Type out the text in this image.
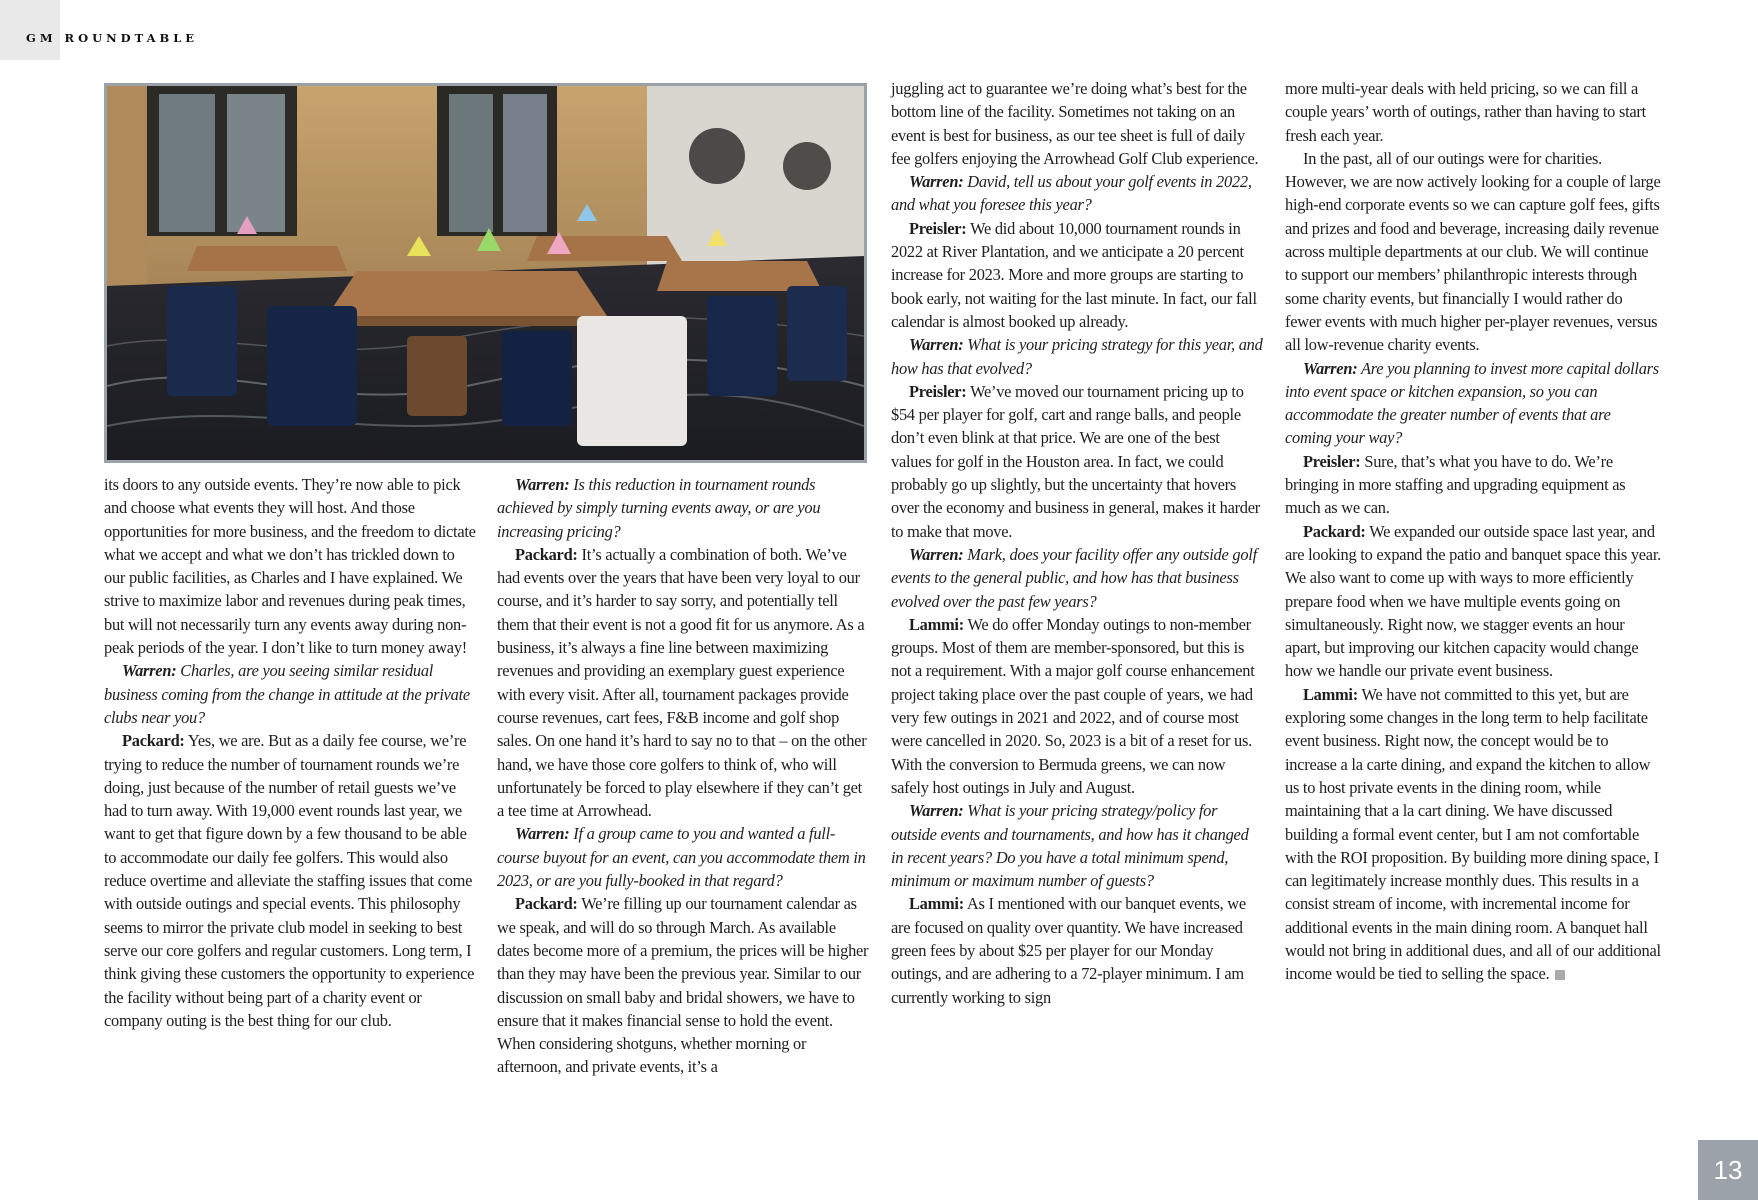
GM ROUNDTABLE

its doors to any outside events. They’re now able to pick and choose what events they will host. And those opportunities for more business, and the freedom to dictate what we accept and what we don’t has trickled down to our public facilities, as Charles and I have explained. We strive to maximize labor and revenues during peak times, but will not necessarily turn any events away during non-peak periods of the year. I don’t like to turn money away!

Warren: Charles, are you seeing similar residual business coming from the change in attitude at the private clubs near you?

Packard: Yes, we are. But as a daily fee course, we’re trying to reduce the number of tournament rounds we’re doing, just because of the number of retail guests we’ve had to turn away. With 19,000 event rounds last year, we want to get that figure down by a few thousand to be able to accommodate our daily fee golfers. This would also reduce overtime and alleviate the staffing issues that come with outside outings and special events. This philosophy seems to mirror the private club model in seeking to best serve our core golfers and regular customers. Long term, I think giving these customers the opportunity to experience the facility without being part of a charity event or company outing is the best thing for our club.

Warren: Is this reduction in tournament rounds achieved by simply turning events away, or are you increasing pricing?

Packard: It’s actually a combination of both. We’ve had events over the years that have been very loyal to our course, and it’s harder to say sorry, and potentially tell them that their event is not a good fit for us anymore. As a business, it’s always a fine line between maximizing revenues and providing an exemplary guest experience with every visit. After all, tournament packages provide course revenues, cart fees, F&B income and golf shop sales. On one hand it’s hard to say no to that – on the other hand, we have those core golfers to think of, who will unfortunately be forced to play elsewhere if they can’t get a tee time at Arrowhead.

Warren: If a group came to you and wanted a full-course buyout for an event, can you accommodate them in 2023, or are you fully-booked in that regard?

Packard: We’re filling up our tournament calendar as we speak, and will do so through March. As available dates become more of a premium, the prices will be higher than they may have been the previous year. Similar to our discussion on small baby and bridal showers, we have to ensure that it makes financial sense to hold the event. When considering shotguns, whether morning or afternoon, and private events, it’s a

juggling act to guarantee we’re doing what’s best for the bottom line of the facility. Sometimes not taking on an event is best for business, as our tee sheet is full of daily fee golfers enjoying the Arrowhead Golf Club experience.

Warren: David, tell us about your golf events in 2022, and what you foresee this year?

Preisler: We did about 10,000 tournament rounds in 2022 at River Plantation, and we anticipate a 20 percent increase for 2023. More and more groups are starting to book early, not waiting for the last minute. In fact, our fall calendar is almost booked up already.

Warren: What is your pricing strategy for this year, and how has that evolved?

Preisler: We’ve moved our tournament pricing up to $54 per player for golf, cart and range balls, and people don’t even blink at that price. We are one of the best values for golf in the Houston area. In fact, we could probably go up slightly, but the uncertainty that hovers over the economy and business in general, makes it harder to make that move.

Warren: Mark, does your facility offer any outside golf events to the general public, and how has that business evolved over the past few years?

Lammi: We do offer Monday outings to non-member groups. Most of them are member-sponsored, but this is not a requirement. With a major golf course enhancement project taking place over the past couple of years, we had very few outings in 2021 and 2022, and of course most were cancelled in 2020. So, 2023 is a bit of a reset for us. With the conversion to Bermuda greens, we can now safely host outings in July and August.

Warren: What is your pricing strategy/policy for outside events and tournaments, and how has it changed in recent years? Do you have a total minimum spend, minimum or maximum number of guests?

Lammi: As I mentioned with our banquet events, we are focused on quality over quantity. We have increased green fees by about $25 per player for our Monday outings, and are adhering to a 72-player minimum. I am currently working to sign

more multi-year deals with held pricing, so we can fill a couple years’ worth of outings, rather than having to start fresh each year.

In the past, all of our outings were for charities. However, we are now actively looking for a couple of large high-end corporate events so we can capture golf fees, gifts and prizes and food and beverage, increasing daily revenue across multiple departments at our club. We will continue to support our members’ philanthropic interests through some charity events, but financially I would rather do fewer events with much higher per-player revenues, versus all low-revenue charity events.

Warren: Are you planning to invest more capital dollars into event space or kitchen expansion, so you can accommodate the greater number of events that are coming your way?

Preisler: Sure, that’s what you have to do. We’re bringing in more staffing and upgrading equipment as much as we can.

Packard: We expanded our outside space last year, and are looking to expand the patio and banquet space this year. We also want to come up with ways to more efficiently prepare food when we have multiple events going on simultaneously. Right now, we stagger events an hour apart, but improving our kitchen capacity would change how we handle our private event business.

Lammi: We have not committed to this yet, but are exploring some changes in the long term to help facilitate event business. Right now, the concept would be to increase a la carte dining, and expand the kitchen to allow us to host private events in the dining room, while maintaining that a la cart dining. We have discussed building a formal event center, but I am not comfortable with the ROI proposition. By building more dining space, I can legitimately increase monthly dues. This results in a consist stream of income, with incremental income for additional events in the main dining room. A banquet hall would not bring in additional dues, and all of our additional income would be tied to selling the space.

13
